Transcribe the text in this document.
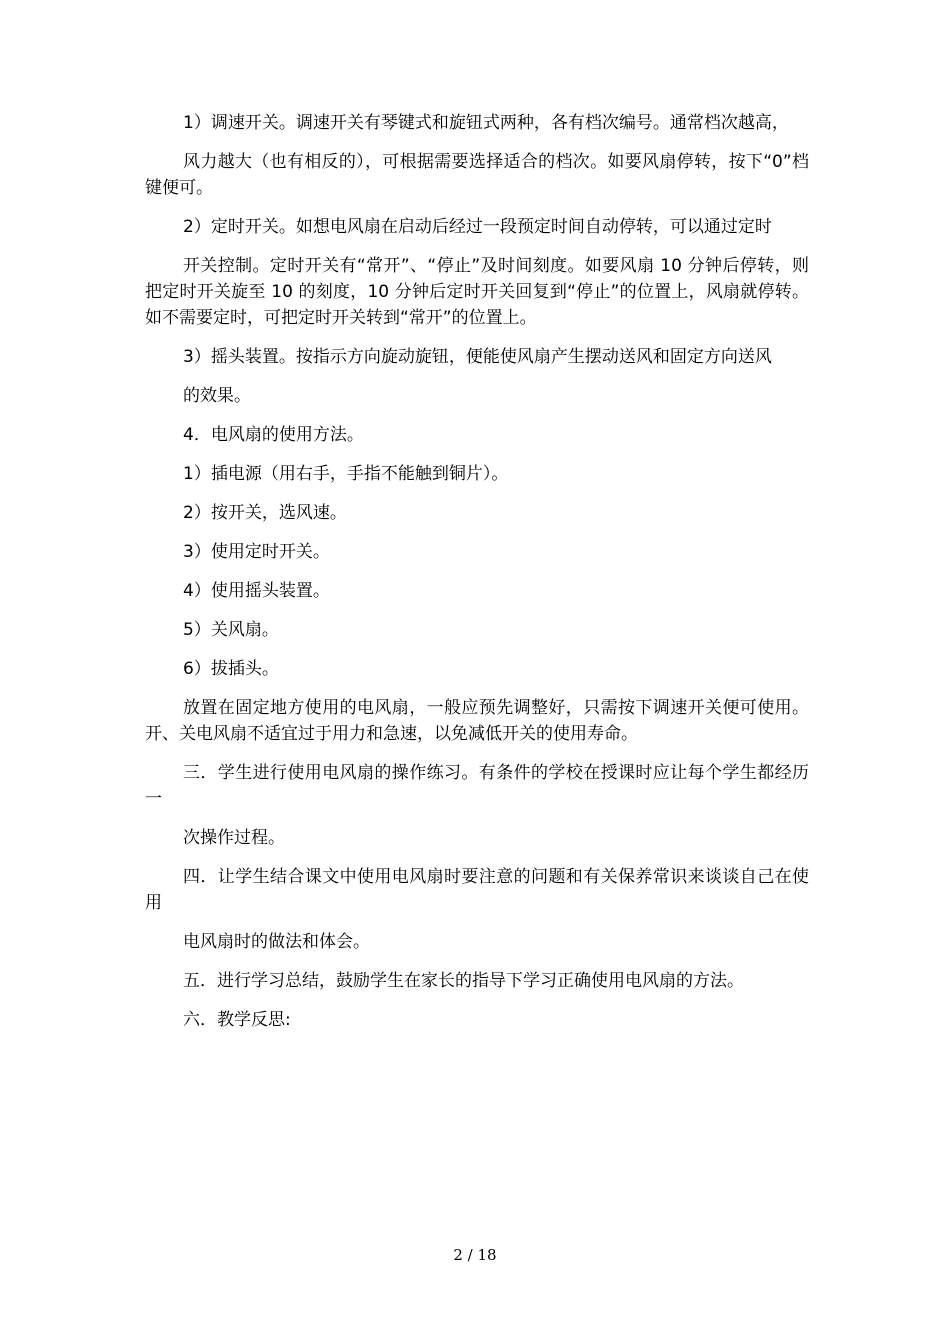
1）调速开关。调速开关有琴键式和旋钮式两种，各有档次编号。通常档次越高，

风力越大（也有相反的），可根据需要选择适合的档次。如要风扇停转，按下“0”档键便可。

2）定时开关。如想电风扇在启动后经过一段预定时间自动停转，可以通过定时

开关控制。定时开关有“常开”、“停止”及时间刻度。如要风扇 10 分钟后停转，则把定时开关旋至 10 的刻度，10 分钟后定时开关回复到“停止”的位置上，风扇就停转。如不需要定时，可把定时开关转到“常开”的位置上。

3）摇头装置。按指示方向旋动旋钮，便能使风扇产生摆动送风和固定方向送风

的效果。

4．电风扇的使用方法。

1）插电源（用右手，手指不能触到铜片）。

2）按开关，选风速。

3）使用定时开关。

4）使用摇头装置。

5）关风扇。

6）拔插头。

放置在固定地方使用的电风扇，一般应预先调整好，只需按下调速开关便可使用。开、关电风扇不适宜过于用力和急速，以免减低开关的使用寿命。

三．学生进行使用电风扇的操作练习。有条件的学校在授课时应让每个学生都经历一

次操作过程。

四．让学生结合课文中使用电风扇时要注意的问题和有关保养常识来谈谈自己在使用

电风扇时的做法和体会。

五．进行学习总结，鼓励学生在家长的指导下学习正确使用电风扇的方法。

六．教学反思:

2 / 18
